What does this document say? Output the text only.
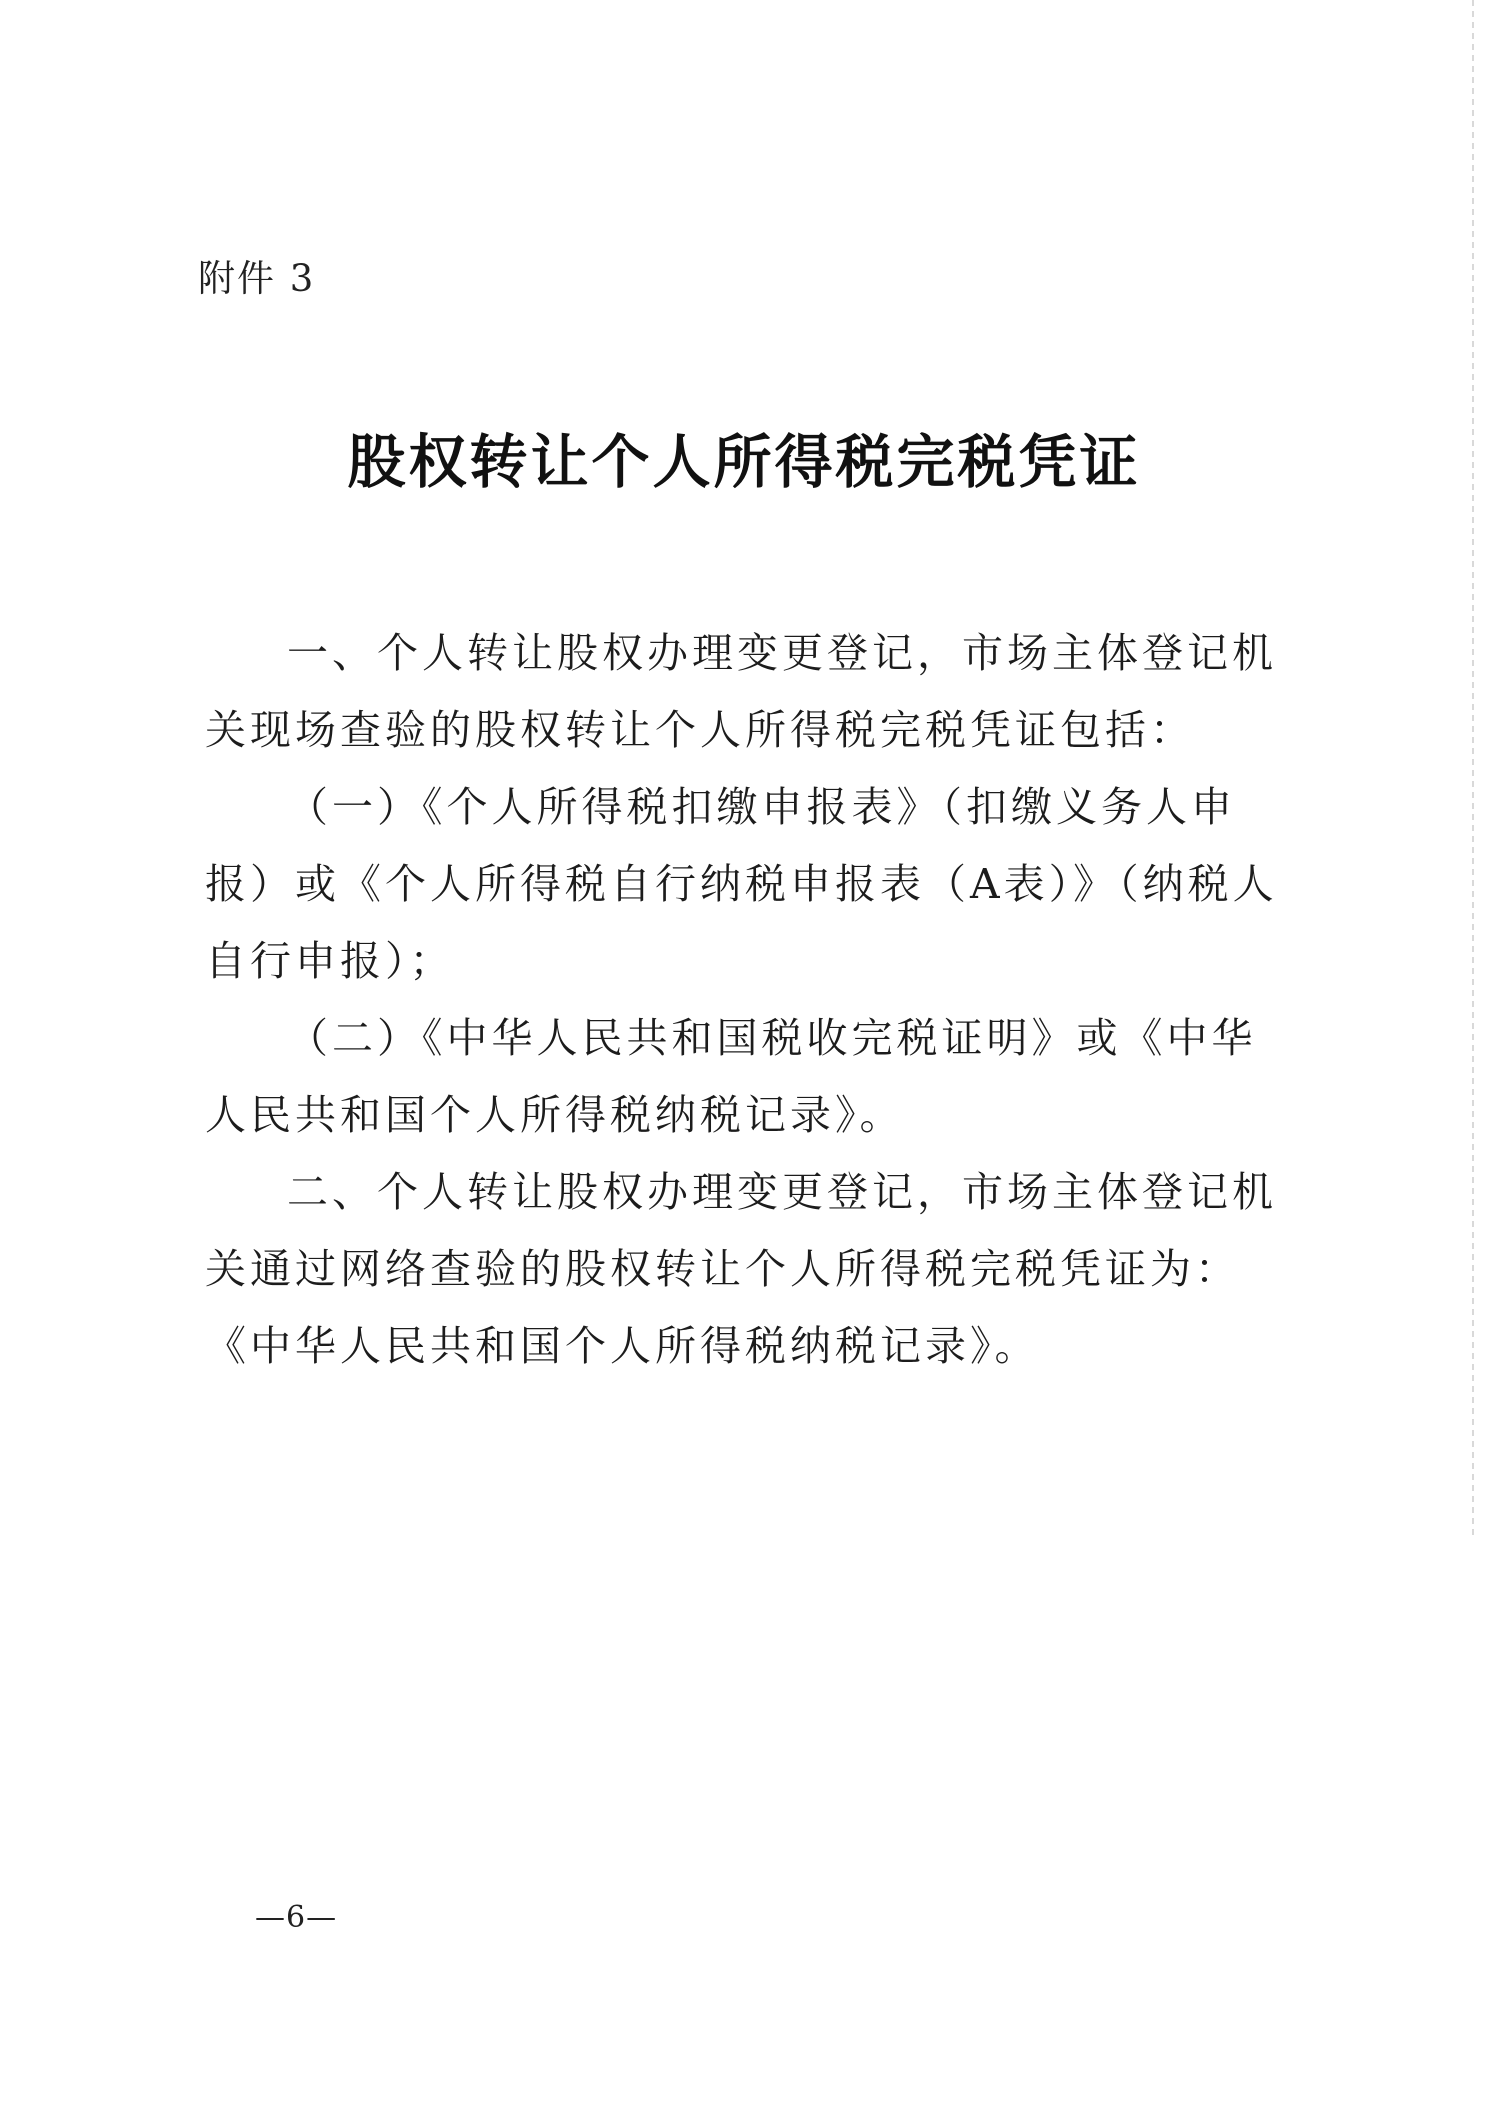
附件 3
股权转让个人所得税完税凭证

一、个人转让股权办理变更登记，市场主体登记机关现场查验的股权转让个人所得税完税凭证包括：

（一）《个人所得税扣缴申报表》（扣缴义务人申报）或《个人所得税自行纳税申报表（A表）》（纳税人自行申报）；

（二）《中华人民共和国税收完税证明》或《中华人民共和国个人所得税纳税记录》。

二、个人转让股权办理变更登记，市场主体登记机关通过网络查验的股权转让个人所得税完税凭证为：《中华人民共和国个人所得税纳税记录》。

—6—
